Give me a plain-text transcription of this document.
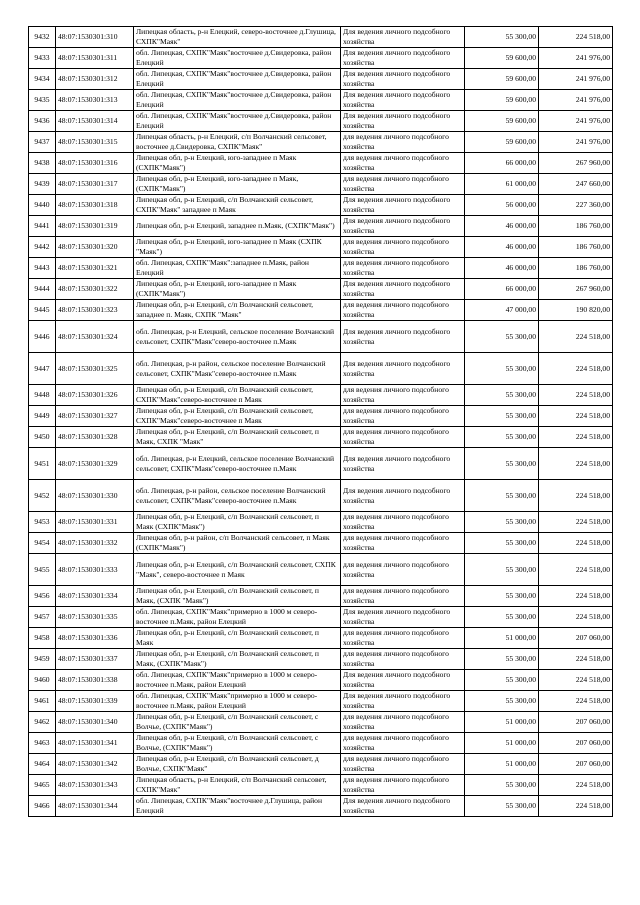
9432	48:07:1530301:310	Липецкая область, р-н Елецкий, северо-восточнее д.Глушица, СХПК"Маяк"	Для ведения личного подсобного хозяйства	55 300,00	224 518,00
9433	48:07:1530301:311	обл. Липецкая, СХПК"Маяк"восточнее д.Свидеровка, район Елецкий	Для ведения личного подсобного хозяйства	59 600,00	241 976,00
9434	48:07:1530301:312	обл. Липецкая, СХПК"Маяк"восточнее д.Свидеровка, район Елецкий	Для ведения личного подсобного хозяйства	59 600,00	241 976,00
9435	48:07:1530301:313	обл. Липецкая, СХПК"Маяк"восточнее д.Свидеровка, район Елецкий	Для ведения личного подсобного хозяйства	59 600,00	241 976,00
9436	48:07:1530301:314	обл. Липецкая, СХПК"Маяк"восточнее д.Свидеровка, район Елецкий	Для ведения личного подсобного хозяйства	59 600,00	241 976,00
9437	48:07:1530301:315	Липецкая область, р-н Елецкий, с/п Волчанский сельсовет, восточнее д.Свидеровка, СХПК"Маяк"	для ведения личного подсобного хозяйства	59 600,00	241 976,00
9438	48:07:1530301:316	Липецкая обл, р-н Елецкий, юго-западнее п Маяк (СХПК"Маяк")	для ведения личного подсобного хозяйства	66 000,00	267 960,00
9439	48:07:1530301:317	Липецкая обл, р-н Елецкий, юго-западнее п Маяк, (СХПК"Маяк")	для ведения личного подсобного хозяйства	61 000,00	247 660,00
9440	48:07:1530301:318	Липецкая обл, р-н Елецкий, с/п Волчанский сельсовет, СХПК"Маяк" западнее п Маяк	Для ведения личного подсобного хозяйства	56 000,00	227 360,00
9441	48:07:1530301:319	Липецкая обл, р-н Елецкий, западнее п.Маяк, (СХПК"Маяк")	Для ведения личного подсобного хозяйства	46 000,00	186 760,00
9442	48:07:1530301:320	Липецкая обл, р-н Елецкий, юго-западнее п Маяк (СХПК "Маяк")	для ведения личного подсобного хозяйства	46 000,00	186 760,00
9443	48:07:1530301:321	обл. Липецкая, СХПК"Маяк":западнее п.Маяк, район Елецкий	для ведения личного подсобного хозяйства	46 000,00	186 760,00
9444	48:07:1530301:322	Липецкая обл, р-н Елецкий, юго-западнее п Маяк (СХПК"Маяк")	Для ведения личного подсобного хозяйства	66 000,00	267 960,00
9445	48:07:1530301:323	Липецкая обл, р-н Елецкий, с/п Волчанский сельсовет, западнее п. Маяк, СХПК "Маяк"	для ведения личного подсобного хозяйства	47 000,00	190 820,00
9446	48:07:1530301:324	обл. Липецкая, р-н Елецкий, сельское поселение Волчанский сельсовет, СХПК"Маяк"северо-восточнее п.Маяк	Для ведения личного подсобного хозяйства	55 300,00	224 518,00
9447	48:07:1530301:325	обл. Липецкая, р-н район, сельское поселение Волчанский сельсовет, СХПК"Маяк"северо-восточнее п.Маяк	Для ведения личного подсобного хозяйства	55 300,00	224 518,00
9448	48:07:1530301:326	Липецкая обл, р-н Елецкий, с/п Волчанский сельсовет, СХПК"Маяк"северо-восточнее п Маяк	для ведения личного подсобного хозяйства	55 300,00	224 518,00
9449	48:07:1530301:327	Липецкая обл, р-н Елецкий, с/п Волчанский сельсовет, СХПК"Маяк"северо-восточнее п Маяк	для ведения личного подсобного хозяйства	55 300,00	224 518,00
9450	48:07:1530301:328	Липецкая обл, р-н Елецкий, с/п Волчанский сельсовет, п Маяк, СХПК "Маяк"	для ведения личного подсобного хозяйства	55 300,00	224 518,00
9451	48:07:1530301:329	обл. Липецкая, р-н Елецкий, сельское поселение Волчанский сельсовет, СХПК"Маяк"северо-восточнее п.Маяк	Для ведения личного подсобного хозяйства	55 300,00	224 518,00
9452	48:07:1530301:330	обл. Липецкая, р-н район, сельское поселение Волчанский сельсовет, СХПК"Маяк"северо-восточнее п.Маяк	Для ведения личного подсобного хозяйства	55 300,00	224 518,00
9453	48:07:1530301:331	Липецкая обл, р-н Елецкий, с/п Волчанский сельсовет, п Маяк (СХПК"Маяк")	для ведения личного подсобного хозяйства	55 300,00	224 518,00
9454	48:07:1530301:332	Липецкая обл, р-н район, с/п Волчанский сельсовет, п Маяк (СХПК"Маяк")	для ведения личного подсобного хозяйства	55 300,00	224 518,00
9455	48:07:1530301:333	Липецкая обл, р-н Елецкий, с/п Волчанский сельсовет, СХПК "Маяк", северо-восточнее п Маяк	для ведения личного подсобного хозяйства	55 300,00	224 518,00
9456	48:07:1530301:334	Липецкая обл, р-н Елецкий, с/п Волчанский сельсовет, п Маяк, (СХПК "Маяк")	для ведения личного подсобного хозяйства	55 300,00	224 518,00
9457	48:07:1530301:335	обл. Липецкая, СХПК"Маяк"примерно в 1000 м северо-восточнее п.Маяк, район Елецкий	Для ведения личного подсобного хозяйства	55 300,00	224 518,00
9458	48:07:1530301:336	Липецкая обл, р-н Елецкий, с/п Волчанский сельсовет, п Маяк	для ведения личного подсобного хозяйства	51 000,00	207 060,00
9459	48:07:1530301:337	Липецкая обл, р-н Елецкий, с/п Волчанский сельсовет, п Маяк, (СХПК"Маяк")	для ведения личного подсобного хозяйства	55 300,00	224 518,00
9460	48:07:1530301:338	обл. Липецкая, СХПК"Маяк"примерно в 1000 м северо-восточнее п.Маяк, район Елецкий	Для ведения личного подсобного хозяйства	55 300,00	224 518,00
9461	48:07:1530301:339	обл. Липецкая, СХПК"Маяк"примерно в 1000 м северо-восточнее п.Маяк, район Елецкий	Для ведения личного подсобного хозяйства	55 300,00	224 518,00
9462	48:07:1530301:340	Липецкая обл, р-н Елецкий, с/п Волчанский сельсовет, с Волчье, (СХПК"Маяк")	для ведения личного подсобного хозяйства	51 000,00	207 060,00
9463	48:07:1530301:341	Липецкая обл, р-н Елецкий, с/п Волчанский сельсовет, с Волчье, (СХПК"Маяк")	для ведения личного подсобного хозяйства	51 000,00	207 060,00
9464	48:07:1530301:342	Липецкая обл, р-н Елецкий, с/п Волчанский сельсовет, д Волчье, СХПК"Маяк"	для ведения личного подсобного хозяйства	51 000,00	207 060,00
9465	48:07:1530301:343	Липецкая область, р-н Елецкий, с/п Волчанский сельсовет, СХПК"Маяк"	для ведения личного подсобного хозяйства	55 300,00	224 518,00
9466	48:07:1530301:344	обл. Липецкая, СХПК"Маяк"восточнее д.Глушица, район Елецкий	Для ведения личного подсобного хозяйства	55 300,00	224 518,00
